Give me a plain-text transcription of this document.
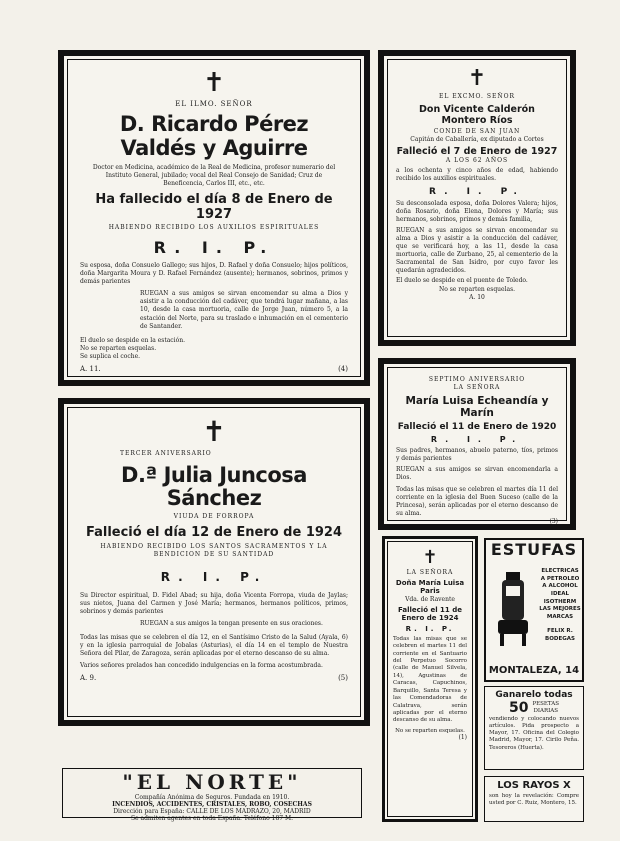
✝
EL ILMO. SEÑOR
D. Ricardo Pérez Valdés y Aguirre
Doctor en Medicina, académico de la Real de Medicina, profesor numerario del Instituto General, jubilado; vocal del Real Consejo de Sanidad; Cruz de Beneficencia, Carlos III, etc., etc.
Ha fallecido el día 8 de Enero de 1927
HABIENDO RECIBIDO LOS AUXILIOS ESPIRITUALES
R. I. P.
Su esposa, doña Consuelo Gallego; sus hijos, D. Rafael y doña Consuelo; hijos políticos, doña Margarita Moura y D. Rafael Fernández (ausente); hermanos, sobrinos, primos y demás parientes
RUEGAN a sus amigos se sirvan encomendar su alma a Dios y asistir a la conducción del cadáver, que tendrá lugar mañana, a las 10, desde la casa mortuoria, calle de Jorge Juan, número 5, a la estación del Norte, para su traslado e inhumación en el cementerio de Santander.
El duelo se despide en la estación.
No se reparten esquelas.
Se suplica el coche.
A. 11.	(4)
✝
EL EXCMO. SEÑOR
Don Vicente Calderón Montero Ríos
CONDE DE SAN JUAN
Capitán de Caballería, ex diputado a Cortes
Falleció el 7 de Enero de 1927
A LOS 62 AÑOS
a los ochenta y cinco años de edad, habiendo recibido los auxilios espirituales.
R. I. P.
Su desconsolada esposa, doña Dolores Valera; hijos, doña Rosario, doña Elena, Dolores y María; sus hermanos, sobrinos, primos y demás familia,
RUEGAN a sus amigos se sirvan encomendar su alma a Dios y asistir a la conducción del cadáver, que se verificará hoy, a las 11, desde la casa mortuoria, calle de Zurbano, 25, al cementerio de la Sacramental de San Isidro, por cuyo favor les quedarán agradecidos.
El duelo se despide en el puente de Toledo.
No se reparten esquelas.
A. 10
✝
TERCER ANIVERSARIO
D.ª Julia Juncosa Sánchez
VIUDA DE FORROPA
Falleció el día 12 de Enero de 1924
HABIENDO RECIBIDO LOS SANTOS SACRAMENTOS Y LA BENDICION DE SU SANTIDAD
R. I. P.
Su Director espiritual, D. Fidel Abad; su hija, doña Vicenta Forropa, viuda de Jaylas; sus nietos, Juana del Carmen y José María; hermanos, hermanos políticos, primos, sobrinos y demás parientes
RUEGAN a sus amigos la tengan presente en sus oraciones.
Todas las misas que se celebren el día 12, en el Santísimo Cristo de la Salud (Ayala, 6) y en la iglesia parroquial de Jobalas (Asturias), el día 14 en el templo de Nuestra Señora del Pilar, de Zaragoza, serán aplicadas por el eterno descanso de su alma.
Varios señores prelados han concedido indulgencias en la forma acostumbrada.
A. 9.	(5)
SEPTIMO ANIVERSARIO
LA SEÑORA
María Luisa Echeandía y Marín
Falleció el 11 de Enero de 1920
R. I. P.
Sus padres, hermanos, abuelo paterno, tíos, primos y demás parientes
RUEGAN a sus amigos se sirvan encomendarla a Dios.
Todas las misas que se celebren el martes día 11 del corriente en la iglesia del Buen Suceso (calle de la Princesa), serán aplicadas por el eterno descanso de su alma.
(3)
✝
LA SEÑORA
Doña María Luisa Paris
Vda. de Ravente
Falleció el 11 de Enero de 1924
R. I. P.
Todas las misas que se celebren el martes 11 del corriente en el Santuario del Perpetuo Socorro (calle de Manuel Silvela, 14), Agustinas de Caracas, Capuchinos, Barquillo, Santa Teresa y las Comendadoras de Calatrava, serán aplicadas por el eterno descanso de su alma.
No se reparten esquelas.
(1)
ESTUFAS
ELECTRICAS
A PETROLEO
A ALCOHOL
IDEAL
ISOTHERM
LAS MEJORES
MARCAS
FELIX R.
BODEGAS
MONTALEZA, 14
Ganarelo todas
50 PESETAS
DIARIAS
vendiendo y colocando nuevos artículos. Pida prospecto a Mayor, 17. Oficina del Colegio Madrid, Mayor, 17. Cirilo Peña. Tesoreros (Huerta).
LOS RAYOS X
son hoy la revelación: Compre usted por C. Ruiz, Montero, 15.
"EL NORTE"
Compañía Anónima de Seguros. Fundada en 1910.
INCENDIOS, ACCIDENTES, CRISTALES, ROBO, COSECHAS
Dirección para España: CALLE DE LOS MADRAZO, 20, MADRID
Se admiten agentes en toda España. Teléfono 187 M.
